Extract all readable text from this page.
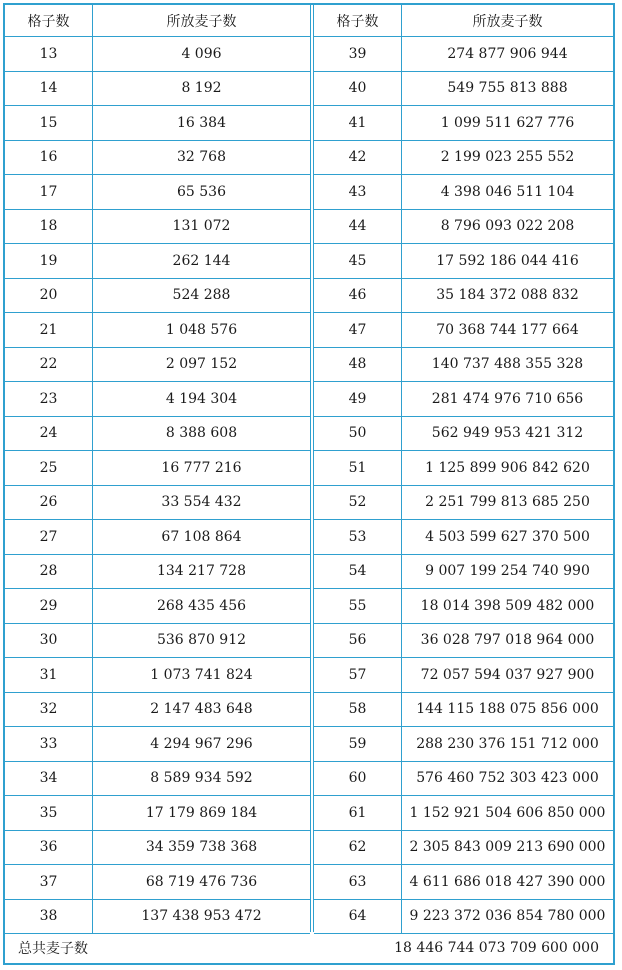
格子数	所放麦子数
13	4 096
14	8 192
15	16 384
16	32 768
17	65 536
18	131 072
19	262 144
20	524 288
21	1 048 576
22	2 097 152
23	4 194 304
24	8 388 608
25	16 777 216
26	33 554 432
27	67 108 864
28	134 217 728
29	268 435 456
30	536 870 912
31	1 073 741 824
32	2 147 483 648
33	4 294 967 296
34	8 589 934 592
35	17 179 869 184
36	34 359 738 368
37	68 719 476 736
38	137 438 953 472
格子数	所放麦子数
39	274 877 906 944
40	549 755 813 888
41	1 099 511 627 776
42	2 199 023 255 552
43	4 398 046 511 104
44	8 796 093 022 208
45	17 592 186 044 416
46	35 184 372 088 832
47	70 368 744 177 664
48	140 737 488 355 328
49	281 474 976 710 656
50	562 949 953 421 312
51	1 125 899 906 842 620
52	2 251 799 813 685 250
53	4 503 599 627 370 500
54	9 007 199 254 740 990
55	18 014 398 509 482 000
56	36 028 797 018 964 000
57	72 057 594 037 927 900
58	144 115 188 075 856 000
59	288 230 376 151 712 000
60	576 460 752 303 423 000
61	1 152 921 504 606 850 000
62	2 305 843 009 213 690 000
63	4 611 686 018 427 390 000
64	9 223 372 036 854 780 000
总共麦子数	18 446 744 073 709 600 000
